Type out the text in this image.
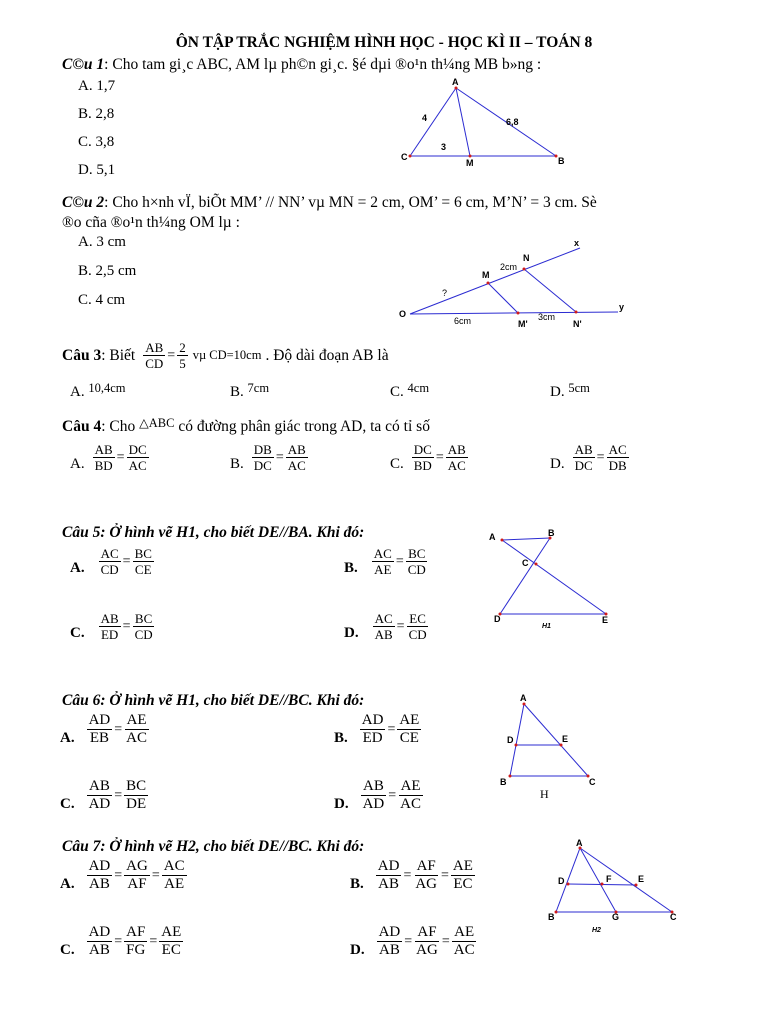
ÔN TẬP TRẮC NGHIỆM HÌNH HỌC - HỌC KÌ II – TOÁN 8
C©u 1: Cho tam gi¸c ABC, AM lµ ph©n gi¸c. §é dµi ®o¹n th¼ng MB b»ng :
A. 1,7
B. 2,8
C. 3,8
D. 5,1
A
C	B
M
4	6,8
3
C©u 2: Cho h×nh vÏ, biÕt MM’ // NN’ vµ MN = 2 cm, OM’ = 6 cm, M’N’ = 3 cm. Sè
®o cña ®o¹n th¼ng OM lµ :
A. 3 cm
B. 2,5 cm
C. 4 cm
O
M
N
M'	N'
x
y
2cm
?
6cm	3cm
Câu 3 : Biết $\frac{AB}{CD} = \frac{2}{5}$ vµ CD=10cm . Độ dài đoạn AB là
A. $^{10,4cm}$	B. $^{7cm}$	C. $^{4cm}$	D. $^{5cm}$
Câu 4: Cho $^{\triangle ABC}$ có đường phân giác trong AD, ta có tỉ số
A. $\frac{AB}{BD} = \frac{DC}{AC}$	B. $\frac{DB}{DC} = \frac{AB}{AC}$	C. $\frac{DC}{BD} = \frac{AB}{AC}$	D. $\frac{AB}{DC} = \frac{AC}{DB}$
Câu 5: Ở hình vẽ H1, cho biết DE//BA. Khi đó:
A. $\frac{AC}{CD} = \frac{BC}{CE}$	B. $\frac{AC}{AE} = \frac{BC}{CD}$
C. $\frac{AB}{ED} = \frac{BC}{CD}$	D. $\frac{AC}{AB} = \frac{EC}{CD}$
A	B
C
D	E
H1
Câu 6: Ở hình vẽ H1, cho biết DE//BC. Khi đó:
A. $\frac{AD}{EB} = \frac{AE}{AC}$	B. $\frac{AD}{ED} = \frac{AE}{CE}$
C. $\frac{AB}{AD} = \frac{BC}{DE}$	D. $\frac{AB}{AD} = \frac{AE}{AC}$
A
D	E
B	C
H
Câu 7: Ở hình vẽ H2, cho biết DE//BC. Khi đó:
A. $\frac{AD}{AB} = \frac{AG}{AF} = \frac{AC}{AE}$	B. $\frac{AD}{AB} = \frac{AF}{AG} = \frac{AE}{EC}$
C. $\frac{AD}{AB} = \frac{AF}{FG} = \frac{AE}{EC}$	D. $\frac{AD}{AB} = \frac{AF}{AG} = \frac{AE}{AC}$
A
D	F	E
B	G	C
H2
